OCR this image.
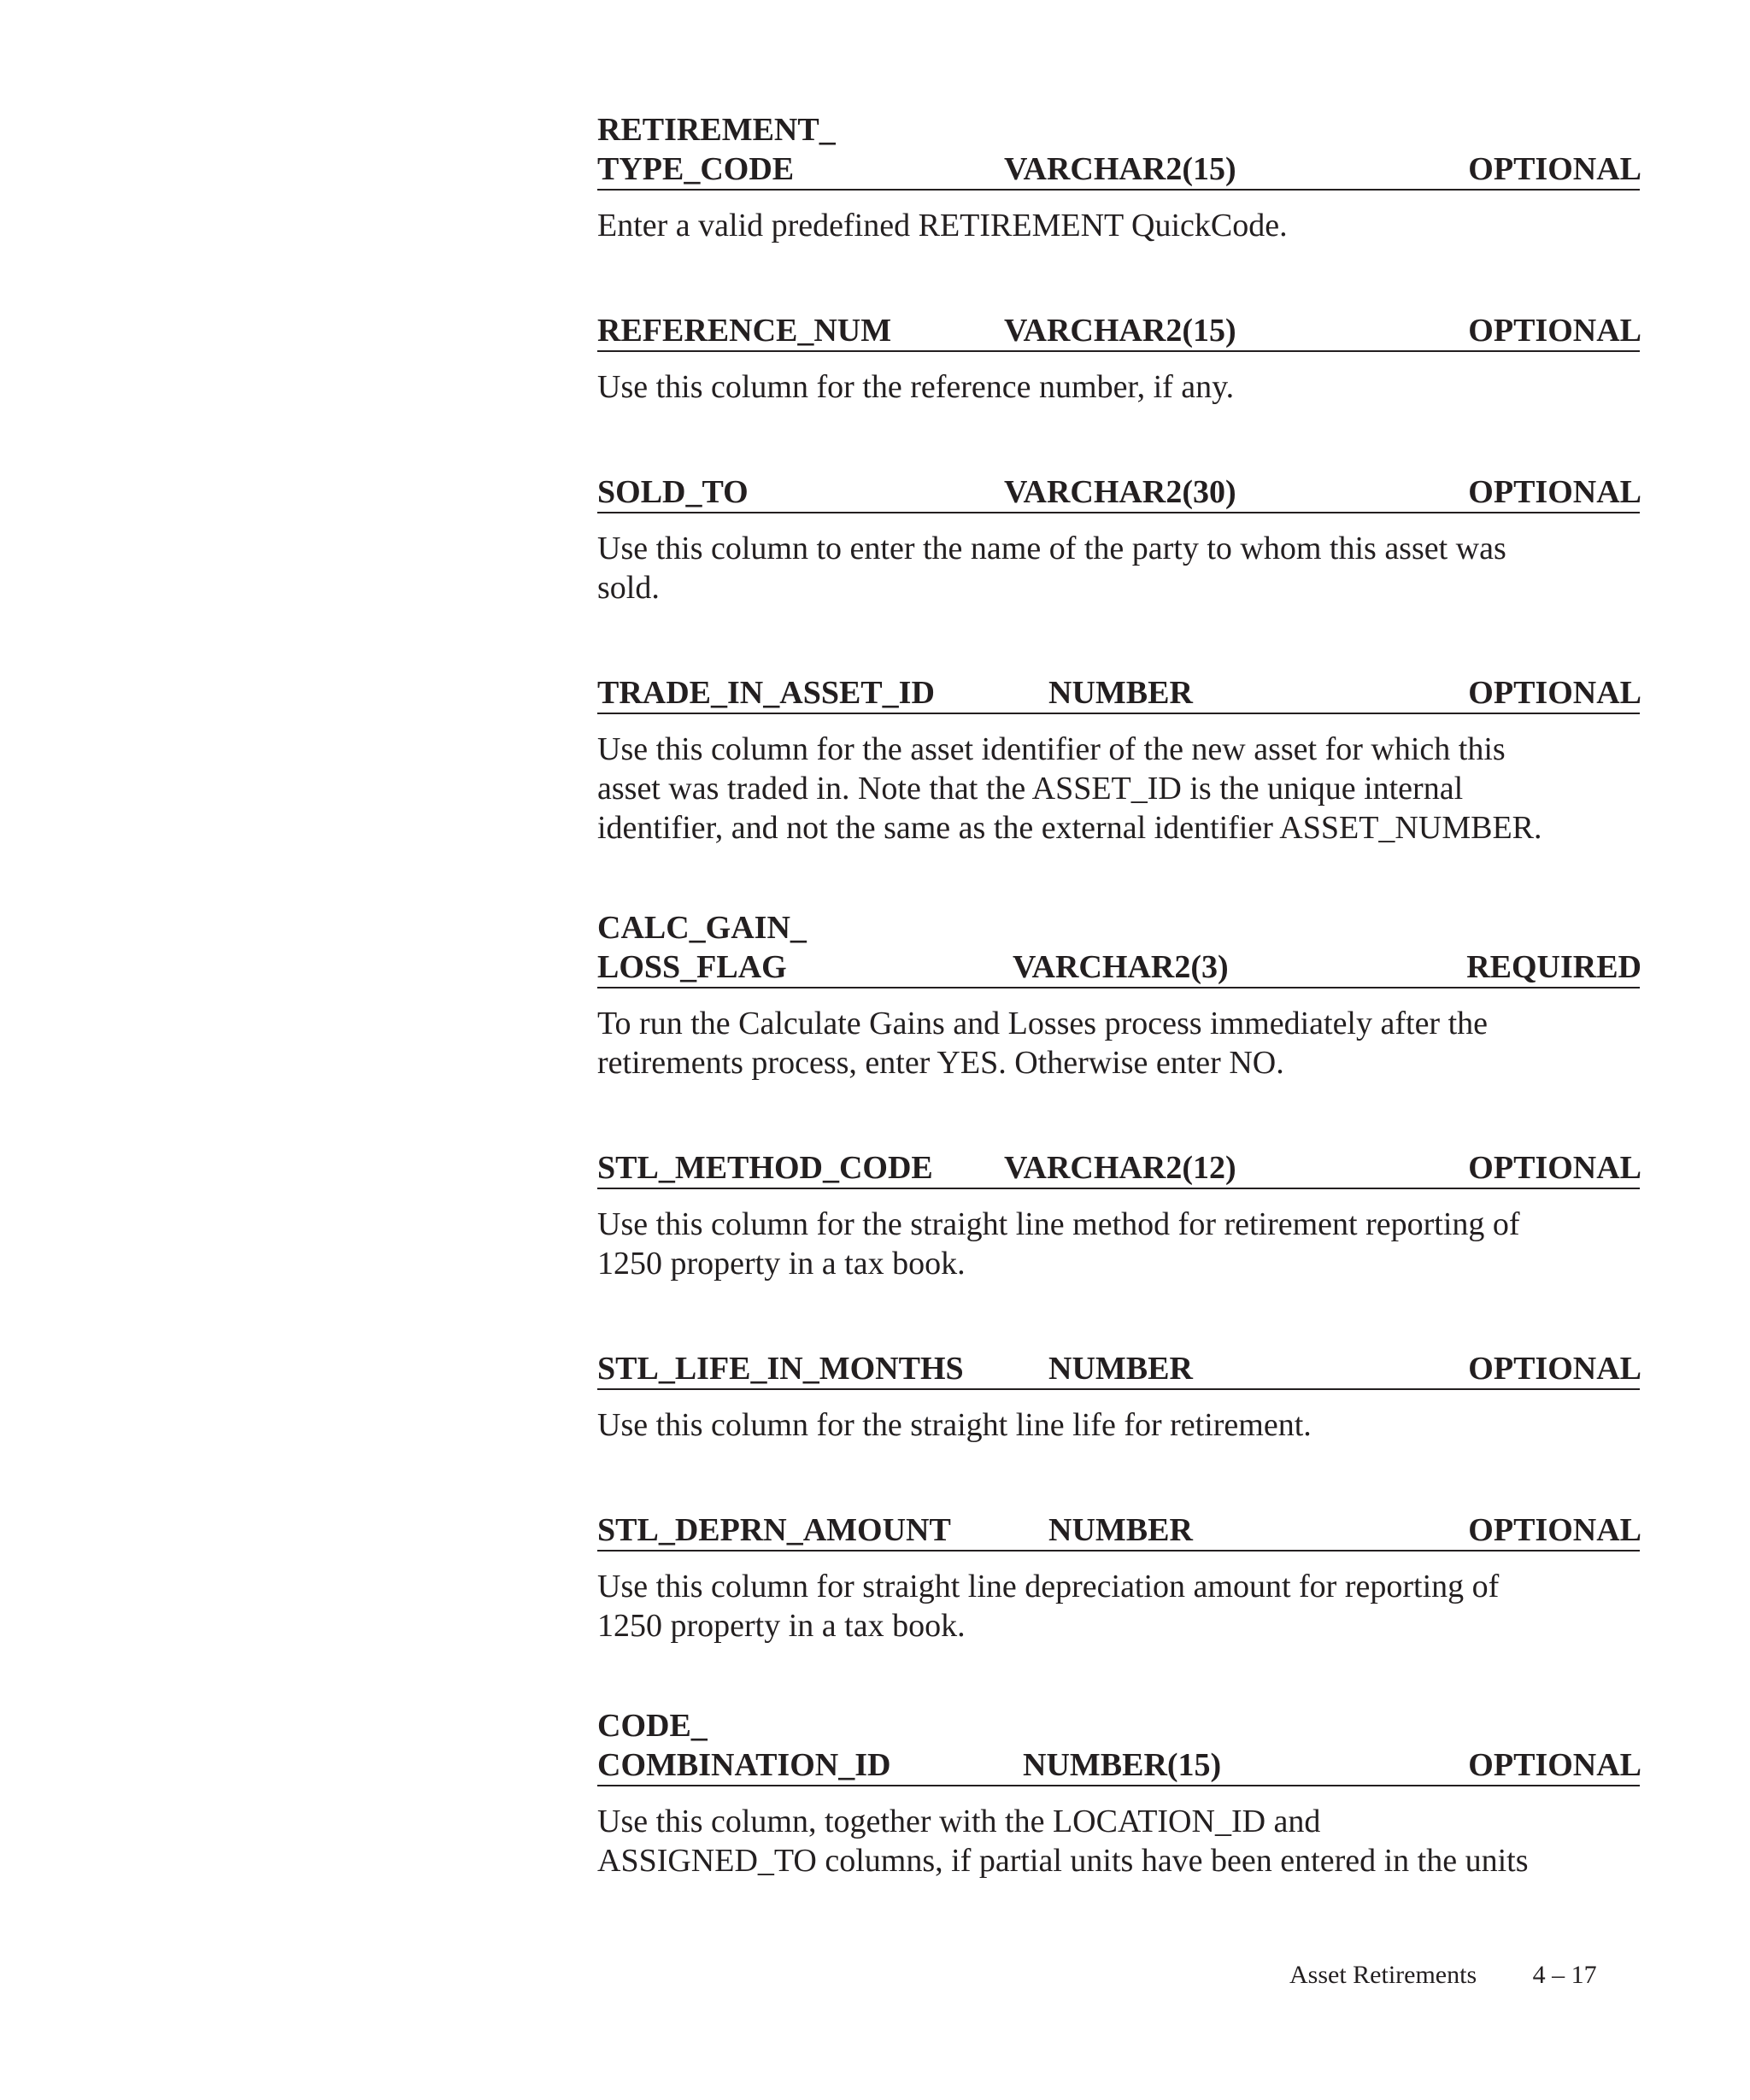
RETIREMENT_
TYPE_CODE	VARCHAR2(15)	OPTIONAL
Enter a valid predefined RETIREMENT QuickCode.
REFERENCE_NUM	VARCHAR2(15)	OPTIONAL
Use this column for the reference number, if any.
SOLD_TO	VARCHAR2(30)	OPTIONAL
Use this column to enter the name of the party to whom this asset was
sold.
TRADE_IN_ASSET_ID	NUMBER	OPTIONAL
Use this column for the asset identifier of the new asset for which this
asset was traded in. Note that the ASSET_ID is the unique internal
identifier, and not the same as the external identifier ASSET_NUMBER.
CALC_GAIN_
LOSS_FLAG	VARCHAR2(3)	REQUIRED
To run the Calculate Gains and Losses process immediately after the
retirements process, enter YES. Otherwise enter NO.
STL_METHOD_CODE VARCHAR2(12)	OPTIONAL
Use this column for the straight line method for retirement reporting of
1250 property in a tax book.
STL_LIFE_IN_MONTHS	NUMBER	OPTIONAL
Use this column for the straight line life for retirement.
STL_DEPRN_AMOUNT	NUMBER	OPTIONAL
Use this column for straight line depreciation amount for reporting of
1250 property in a tax book.
CODE_
COMBINATION_ID	NUMBER(15)	OPTIONAL
Use this column, together with the LOCATION_ID and
ASSIGNED_TO columns, if partial units have been entered in the units
Asset Retirements 4 – 17
